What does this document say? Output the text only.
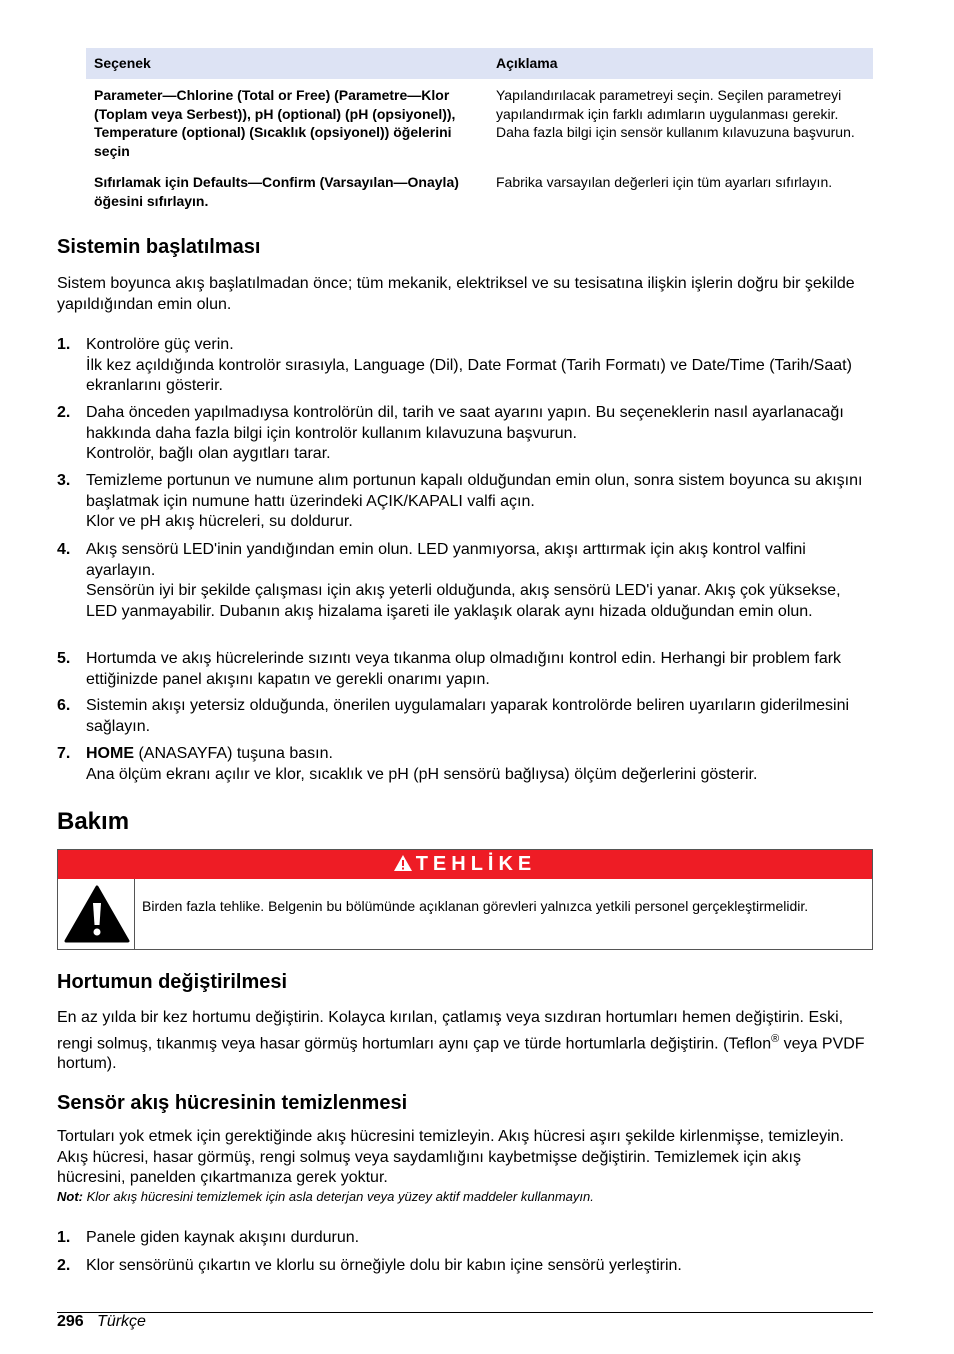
Seçenek	Açıklama
Parameter—Chlorine (Total or Free) (Parametre—Klor (Toplam veya Serbest)), pH (optional) (pH (opsiyonel)), Temperature (optional) (Sıcaklık (opsiyonel)) öğelerini seçin
Yapılandırılacak parametreyi seçin. Seçilen parametreyi yapılandırmak için farklı adımların uygulanması gerekir. Daha fazla bilgi için sensör kullanım kılavuzuna başvurun.
Sıfırlamak için Defaults—Confirm (Varsayılan—Onayla) öğesini sıfırlayın.
Fabrika varsayılan değerleri için tüm ayarları sıfırlayın.
Sistemin başlatılması

Sistem boyunca akış başlatılmadan önce; tüm mekanik, elektriksel ve su tesisatına ilişkin işlerin doğru bir şekilde yapıldığından emin olun.

1. Kontrolöre güç verin.
İlk kez açıldığında kontrolör sırasıyla, Language (Dil), Date Format (Tarih Formatı) ve Date/Time (Tarih/Saat) ekranlarını gösterir.
2. Daha önceden yapılmadıysa kontrolörün dil, tarih ve saat ayarını yapın. Bu seçeneklerin nasıl ayarlanacağı hakkında daha fazla bilgi için kontrolör kullanım kılavuzuna başvurun.
Kontrolör, bağlı olan aygıtları tarar.
3. Temizleme portunun ve numune alım portunun kapalı olduğundan emin olun, sonra sistem boyunca su akışını başlatmak için numune hattı üzerindeki AÇIK/KAPALI valfi açın.
Klor ve pH akış hücreleri, su doldurur.
4. Akış sensörü LED'inin yandığından emin olun. LED yanmıyorsa, akışı arttırmak için akış kontrol valfini ayarlayın.
Sensörün iyi bir şekilde çalışması için akış yeterli olduğunda, akış sensörü LED'i yanar. Akış çok yüksekse, LED yanmayabilir. Dubanın akış hizalama işareti ile yaklaşık olarak aynı hizada olduğundan emin olun.
5. Hortumda ve akış hücrelerinde sızıntı veya tıkanma olup olmadığını kontrol edin. Herhangi bir problem fark ettiğinizde panel akışını kapatın ve gerekli onarımı yapın.
6. Sistemin akışı yetersiz olduğunda, önerilen uygulamaları yaparak kontrolörde beliren uyarıların giderilmesini sağlayın.
7. HOME (ANASAYFA) tuşuna basın.
Ana ölçüm ekranı açılır ve klor, sıcaklık ve pH (pH sensörü bağlıysa) ölçüm değerlerini gösterir.
Bakım
TEHLİKE
Birden fazla tehlike. Belgenin bu bölümünde açıklanan görevleri yalnızca yetkili personel gerçekleştirmelidir.
Hortumun değiştirilmesi

En az yılda bir kez hortumu değiştirin. Kolayca kırılan, çatlamış veya sızdıran hortumları hemen değiştirin. Eski, rengi solmuş, tıkanmış veya hasar görmüş hortumları aynı çap ve türde hortumlarla değiştirin. (Teflon® veya PVDF hortum).

Sensör akış hücresinin temizlenmesi

Tortuları yok etmek için gerektiğinde akış hücresini temizleyin. Akış hücresi aşırı şekilde kirlenmişse, temizleyin. Akış hücresi, hasar görmüş, rengi solmuş veya saydamlığını kaybetmişse değiştirin. Temizlemek için akış hücresini, panelden çıkartmanıza gerek yoktur.

Not: Klor akış hücresini temizlemek için asla deterjan veya yüzey aktif maddeler kullanmayın.
1. Panele giden kaynak akışını durdurun.
2. Klor sensörünü çıkartın ve klorlu su örneğiyle dolu bir kabın içine sensörü yerleştirin.
296 Türkçe
